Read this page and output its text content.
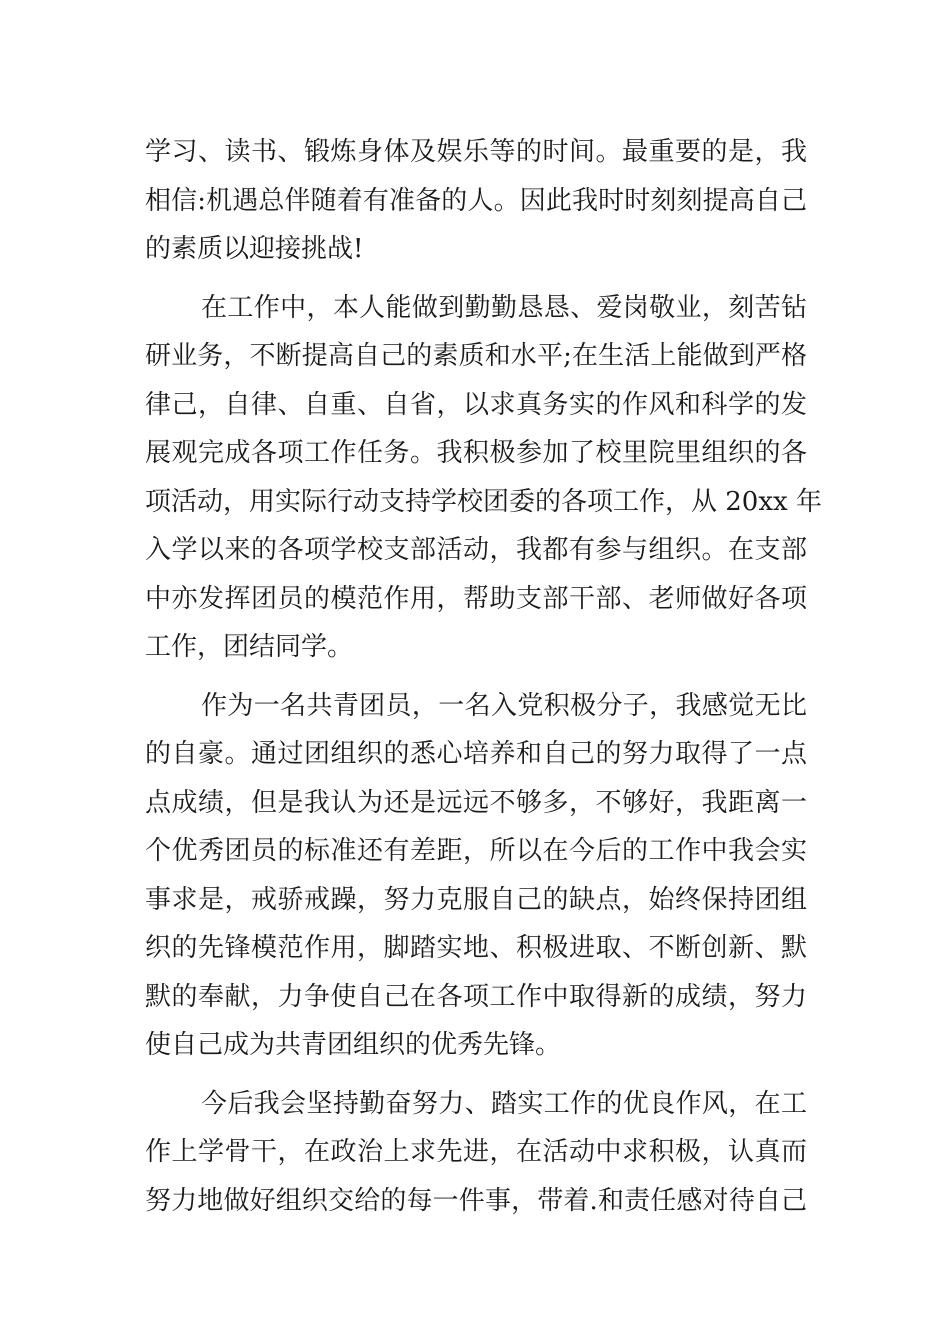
学习、读书、锻炼身体及娱乐等的时间。最重要的是，我
相信:机遇总伴随着有准备的人。因此我时时刻刻提高自己
的素质以迎接挑战!
在工作中，本人能做到勤勤恳恳、爱岗敬业，刻苦钻
研业务，不断提高自己的素质和水平;在生活上能做到严格
律己，自律、自重、自省，以求真务实的作风和科学的发
展观完成各项工作任务。我积极参加了校里院里组织的各
项活动，用实际行动支持学校团委的各项工作，从 20xx 年
入学以来的各项学校支部活动，我都有参与组织。在支部
中亦发挥团员的模范作用，帮助支部干部、老师做好各项
工作，团结同学。
作为一名共青团员，一名入党积极分子，我感觉无比
的自豪。通过团组织的悉心培养和自己的努力取得了一点
点成绩，但是我认为还是远远不够多，不够好，我距离一
个优秀团员的标准还有差距，所以在今后的工作中我会实
事求是，戒骄戒躁，努力克服自己的缺点，始终保持团组
织的先锋模范作用，脚踏实地、积极进取、不断创新、默
默的奉献，力争使自己在各项工作中取得新的成绩，努力
使自己成为共青团组织的优秀先锋。
今后我会坚持勤奋努力、踏实工作的优良作风，在工
作上学骨干，在政治上求先进，在活动中求积极，认真而
努力地做好组织交给的每一件事，带着.和责任感对待自己
